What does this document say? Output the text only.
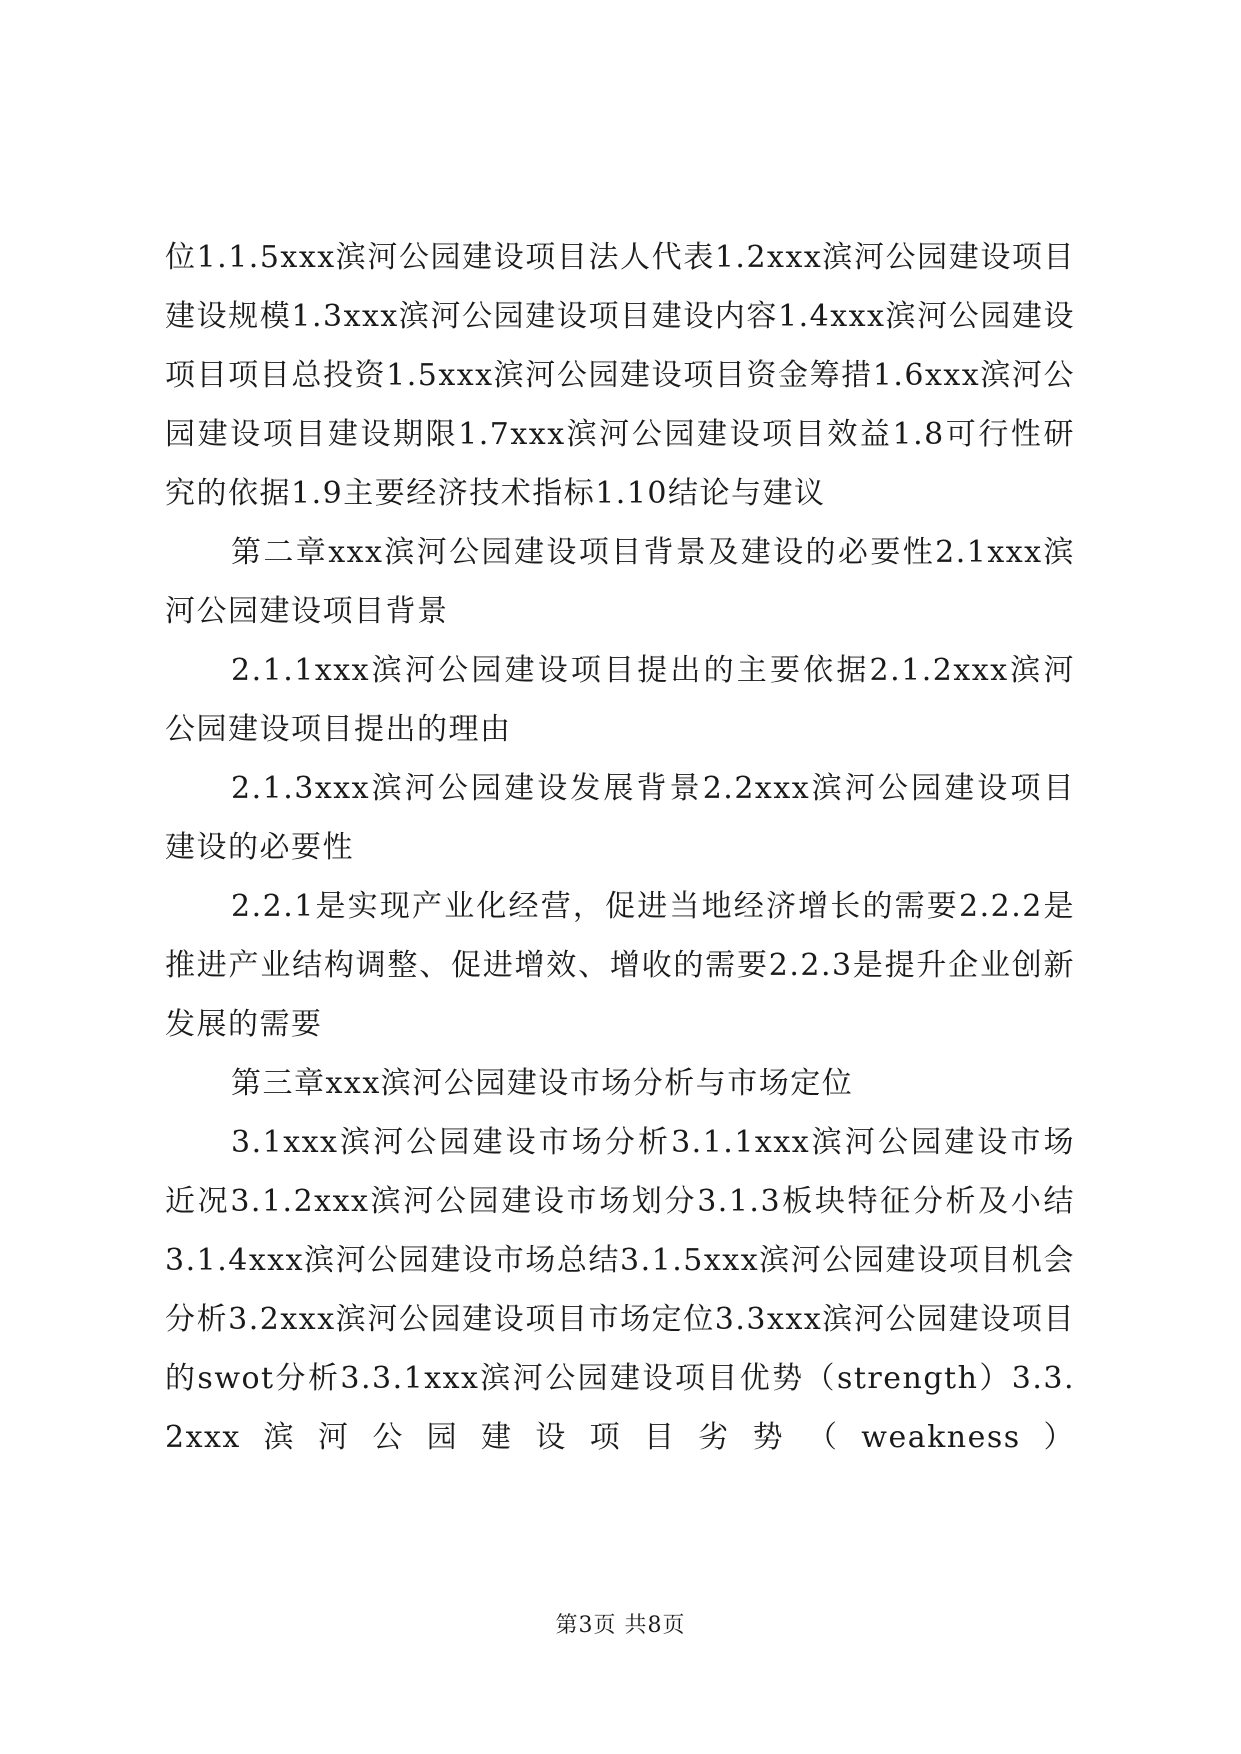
位1.1.5xxx滨河公园建设项目法人代表1.2xxx滨河公园建设项目建设规模1.3xxx滨河公园建设项目建设内容1.4xxx滨河公园建设项目项目总投资1.5xxx滨河公园建设项目资金筹措1.6xxx滨河公园建设项目建设期限1.7xxx滨河公园建设项目效益1.8可行性研究的依据1.9主要经济技术指标1.10结论与建议

第二章xxx滨河公园建设项目背景及建设的必要性2.1xxx滨河公园建设项目背景

2.1.1xxx滨河公园建设项目提出的主要依据2.1.2xxx滨河公园建设项目提出的理由

2.1.3xxx滨河公园建设发展背景2.2xxx滨河公园建设项目建设的必要性

2.2.1是实现产业化经营，促进当地经济增长的需要2.2.2是推进产业结构调整、促进增效、增收的需要2.2.3是提升企业创新发展的需要

第三章xxx滨河公园建设市场分析与市场定位

3.1xxx滨河公园建设市场分析3.1.1xxx滨河公园建设市场近况3.1.2xxx滨河公园建设市场划分3.1.3板块特征分析及小结3.1.4xxx滨河公园建设市场总结3.1.5xxx滨河公园建设项目机会分析3.2xxx滨河公园建设项目市场定位3.3xxx滨河公园建设项目的swot分析3.3.1xxx滨河公园建设项目优势（strength）3.3.2xxx滨河公园建设项目劣势（weakness）

第3页 共8页
